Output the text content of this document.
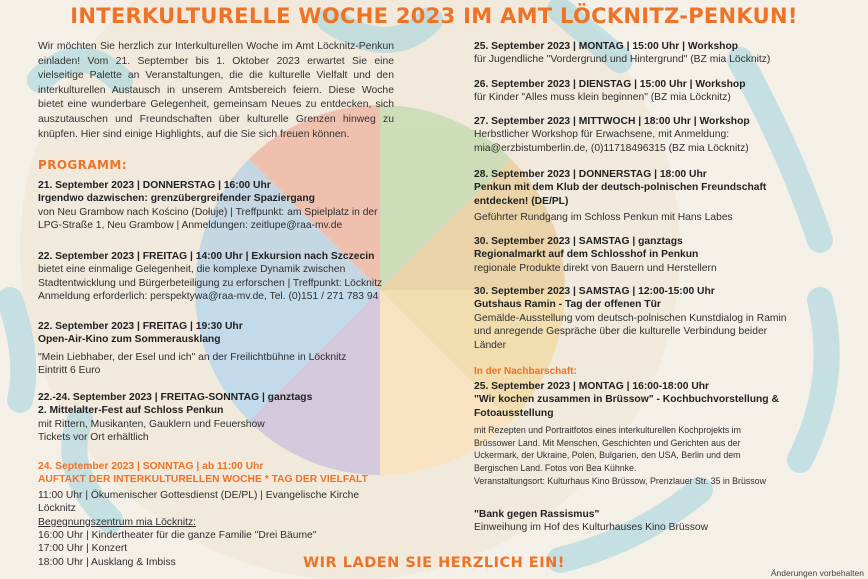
INTERKULTURELLE WOCHE 2023 IM AMT LÖCKNITZ-PENKUN!
Wir möchten Sie herzlich zur Interkulturellen Woche im Amt Löcknitz-Penkun einladen! Vom 21. September bis 1. Oktober 2023 erwartet Sie eine vielseitige Palette an Veranstaltungen, die die kulturelle Vielfalt und den interkulturellen Austausch in unserem Amtsbereich feiern. Diese Woche bietet eine wunderbare Gelegenheit, gemeinsam Neues zu entdecken, sich auszutauschen und Freundschaften über kulturelle Grenzen hinweg zu knüpfen. Hier sind einige Highlights, auf die Sie sich freuen können.
PROGRAMM:
21. September 2023 | DONNERSTAG | 16:00 Uhr
Irgendwo dazwischen: grenzübergreifender Spaziergang
von Neu Grambow nach Kościno (Dołuje) | Treffpunkt: am Spielplatz in der
LPG-Straße 1, Neu Grambow | Anmeldungen: zeitlupe@raa-mv.de
22. September 2023 | FREITAG | 14:00 Uhr | Exkursion nach Szczecin
bietet eine einmalige Gelegenheit, die komplexe Dynamik zwischen
Stadtentwicklung und Bürgerbeteiligung zu erforschen | Treffpunkt: Löcknitz
Anmeldung erforderlich: perspektywa@raa-mv.de, Tel. (0)151 / 271 783 94
22. September 2023 | FREITAG | 19:30 Uhr
Open-Air-Kino zum Sommerausklang
"Mein Liebhaber, der Esel und ich" an der Freilichtbühne in Löcknitz
Eintritt 6 Euro
22.-24. September 2023 | FREITAG-SONNTAG | ganztags
2. Mittelalter-Fest auf Schloss Penkun
mit Rittern, Musikanten, Gauklern und Feuershow
Tickets vor Ort erhältlich
24. September 2023 | SONNTAG | ab 11:00 Uhr
AUFTAKT DER INTERKULTURELLEN WOCHE * TAG DER VIELFALT
11:00 Uhr | Ökumenischer Gottesdienst (DE/PL) | Evangelische Kirche Löcknitz
Begegnungszentrum mia Löcknitz:
16:00 Uhr | Kindertheater für die ganze Familie "Drei Bäume"
17:00 Uhr | Konzert
18:00 Uhr | Ausklang & Imbiss
25. September 2023 | MONTAG | 15:00 Uhr | Workshop
für Jugendliche "Vordergrund und Hintergrund" (BZ mia Löcknitz)
26. September 2023 | DIENSTAG | 15:00 Uhr | Workshop
für Kinder "Alles muss klein beginnen" (BZ mia Löcknitz)
27. September 2023 | MITTWOCH | 18:00 Uhr | Workshop
Herbstlicher Workshop für Erwachsene, mit Anmeldung:
mia@erzbistumberlin.de, (0)11718496315 (BZ mia Löcknitz)
28. September 2023 | DONNERSTAG | 18:00 Uhr
Penkun mit dem Klub der deutsch-polnischen Freundschaft
entdecken! (DE/PL)
Geführter Rundgang im Schloss Penkun mit Hans Labes
30. September 2023 | SAMSTAG | ganztags
Regionalmarkt auf dem Schlosshof in Penkun
regionale Produkte direkt von Bauern und Herstellern
30. September 2023 | SAMSTAG | 12:00-15:00 Uhr
Gutshaus Ramin - Tag der offenen Tür
Gemälde-Ausstellung vom deutsch-polnischen Kunstdialog in Ramin
und anregende Gespräche über die kulturelle Verbindung beider
Länder
In der Nachbarschaft:
25. September 2023 | MONTAG | 16:00-18:00 Uhr
"Wir kochen zusammen in Brüssow" - Kochbuchvorstellung &
Fotoausstellung
mit Rezepten und Portraitfotos eines interkulturellen Kochprojekts im
Brüssower Land. Mit Menschen, Geschichten und Gerichten aus der
Uckermark, der Ukraine, Polen, Bulgarien, den USA, Berlin und dem
Bergischen Land. Fotos von Bea Kühnke.
Veranstaltungsort: Kulturhaus Kino Brüssow, Prenzlauer Str. 35 in Brüssow
"Bank gegen Rassismus"
Einweihung im Hof des Kulturhauses Kino Brüssow
WIR LADEN SIE HERZLICH EIN!
Änderungen vorbehalten
